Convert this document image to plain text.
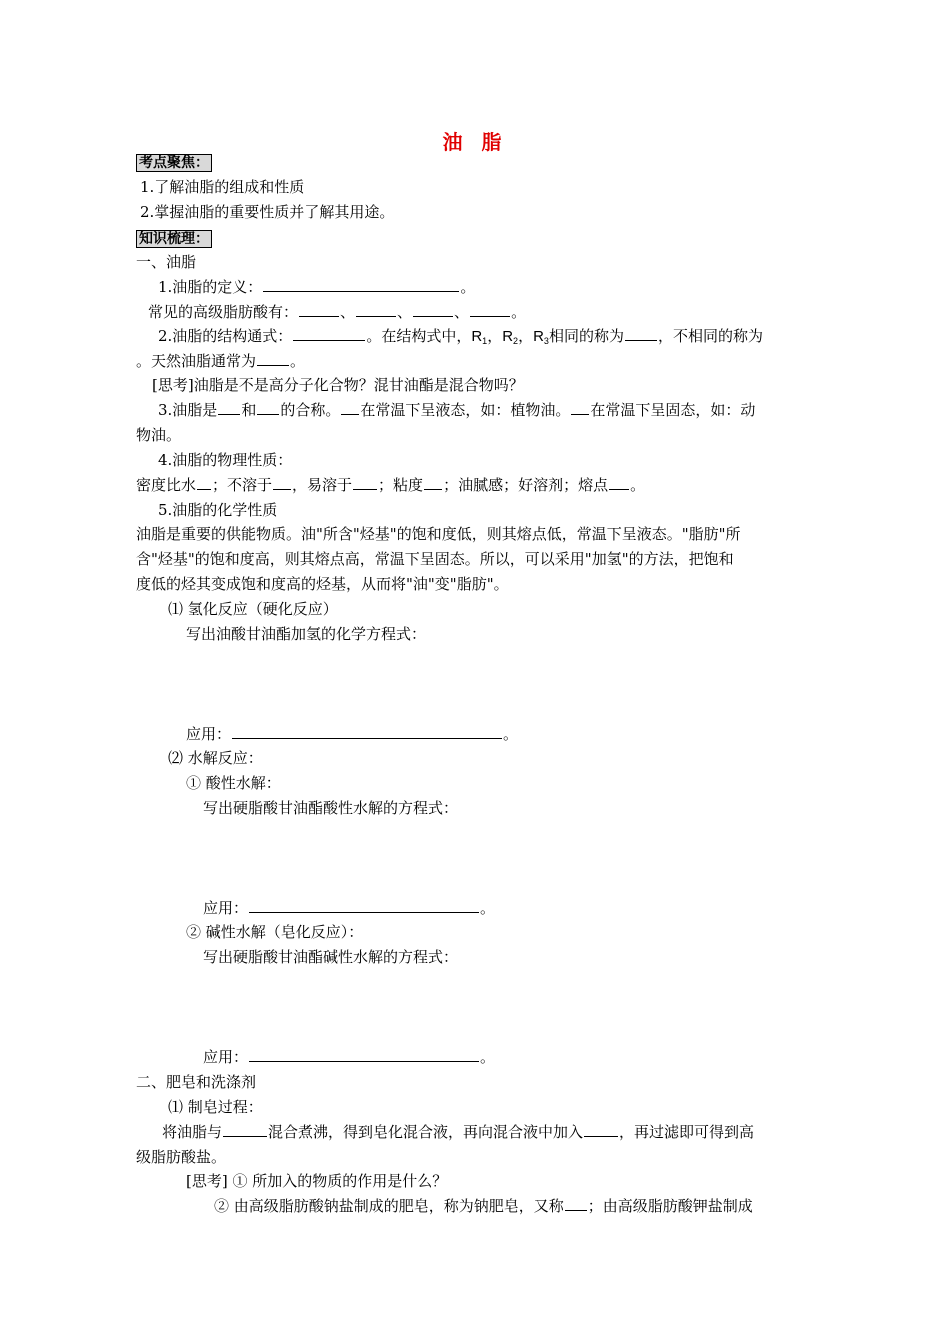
油 脂
考点聚焦：
1.了解油脂的组成和性质
2.掌握油脂的重要性质并了解其用途。
知识梳理：
一、油脂
1.油脂的定义：	。
常见的高级脂肪酸有：	、	、	、	。
2.油脂的结构通式：	。在结构式中，$R_1$，$R_2$，$R_3$相同的称为 ，不相同的称为
。天然油脂通常为 。
[思考]油脂是不是高分子化合物？混甘油酯是混合物吗？
3.油脂是 和 的合称。 在常温下呈液态，如：植物油。 在常温下呈固态，如：动
物油。
4.油脂的物理性质：
密度比水 ；不溶于 ，易溶于 ；粘度 ；油腻感；好溶剂；熔点 。
5.油脂的化学性质
油脂是重要的供能物质。油"所含"烃基"的饱和度低，则其熔点低，常温下呈液态。"脂肪"所
含"烃基"的饱和度高，则其熔点高，常温下呈固态。所以，可以采用"加氢"的方法，把饱和
度低的烃其变成饱和度高的烃基，从而将"油"变"脂肪"。
⑴ 氢化反应（硬化反应）
写出油酸甘油酯加氢的化学方程式：
应用：	。
⑵ 水解反应：
① 酸性水解：
写出硬脂酸甘油酯酸性水解的方程式：
应用：	。
② 碱性水解（皂化反应）：
写出硬脂酸甘油酯碱性水解的方程式：
应用：	。
二、肥皂和洗涤剂
⑴ 制皂过程：
将油脂与	混合煮沸，得到皂化混合液，再向混合液中加入 ，再过滤即可得到高
级脂肪酸盐。
[思考] ① 所加入的物质的作用是什么？
② 由高级脂肪酸钠盐制成的肥皂，称为钠肥皂，又称 ；由高级脂肪酸钾盐制成
